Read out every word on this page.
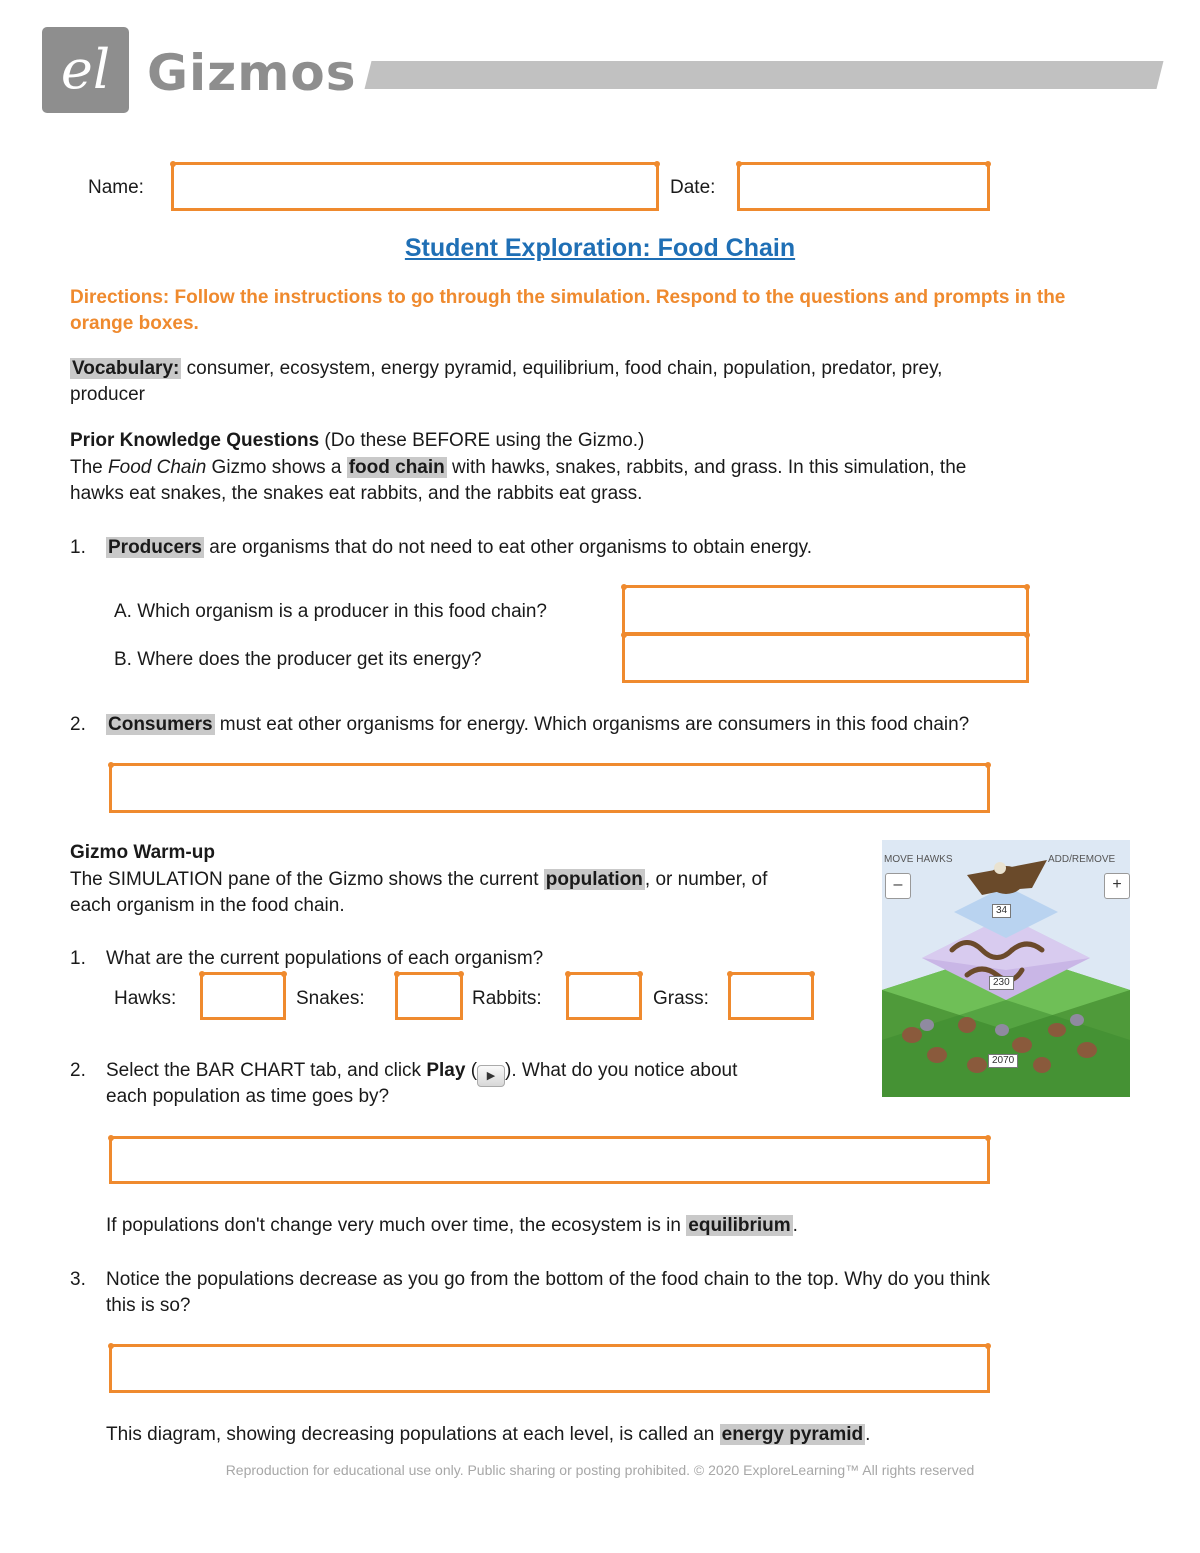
el Gizmos
Name:	Date:
Student Exploration: Food Chain
Directions: Follow the instructions to go through the simulation. Respond to the questions and prompts in the orange boxes.
Vocabulary: consumer, ecosystem, energy pyramid, equilibrium, food chain, population, predator, prey,
producer
Prior Knowledge Questions (Do these BEFORE using the Gizmo.)
The Food Chain Gizmo shows a food chain with hawks, snakes, rabbits, and grass. In this simulation, the
hawks eat snakes, the snakes eat rabbits, and the rabbits eat grass.
1. Producers are organisms that do not need to eat other organisms to obtain energy.
A. Which organism is a producer in this food chain?
B. Where does the producer get its energy?
2. Consumers must eat other organisms for energy. Which organisms are consumers in this food chain?
Gizmo Warm-up
The SIMULATION pane of the Gizmo shows the current population , or number, of
each organism in the food chain.
1. What are the current populations of each organism?
Hawks:	Snakes:	Rabbits:	Grass:
2. Select the BAR CHART tab, and click Play ( ▶ ). What do you notice about
each population as time goes by?
If populations don't change very much over time, the ecosystem is in equilibrium .
3. Notice the populations decrease as you go from the bottom of the food chain to the top. Why do you think
this is so?
This diagram, showing decreasing populations at each level, is called an energy pyramid .
MOVE HAWKS	ADD/REMOVE
–	+
34
230
2070
Reproduction for educational use only. Public sharing or posting prohibited. © 2020 ExploreLearning™ All rights reserved
